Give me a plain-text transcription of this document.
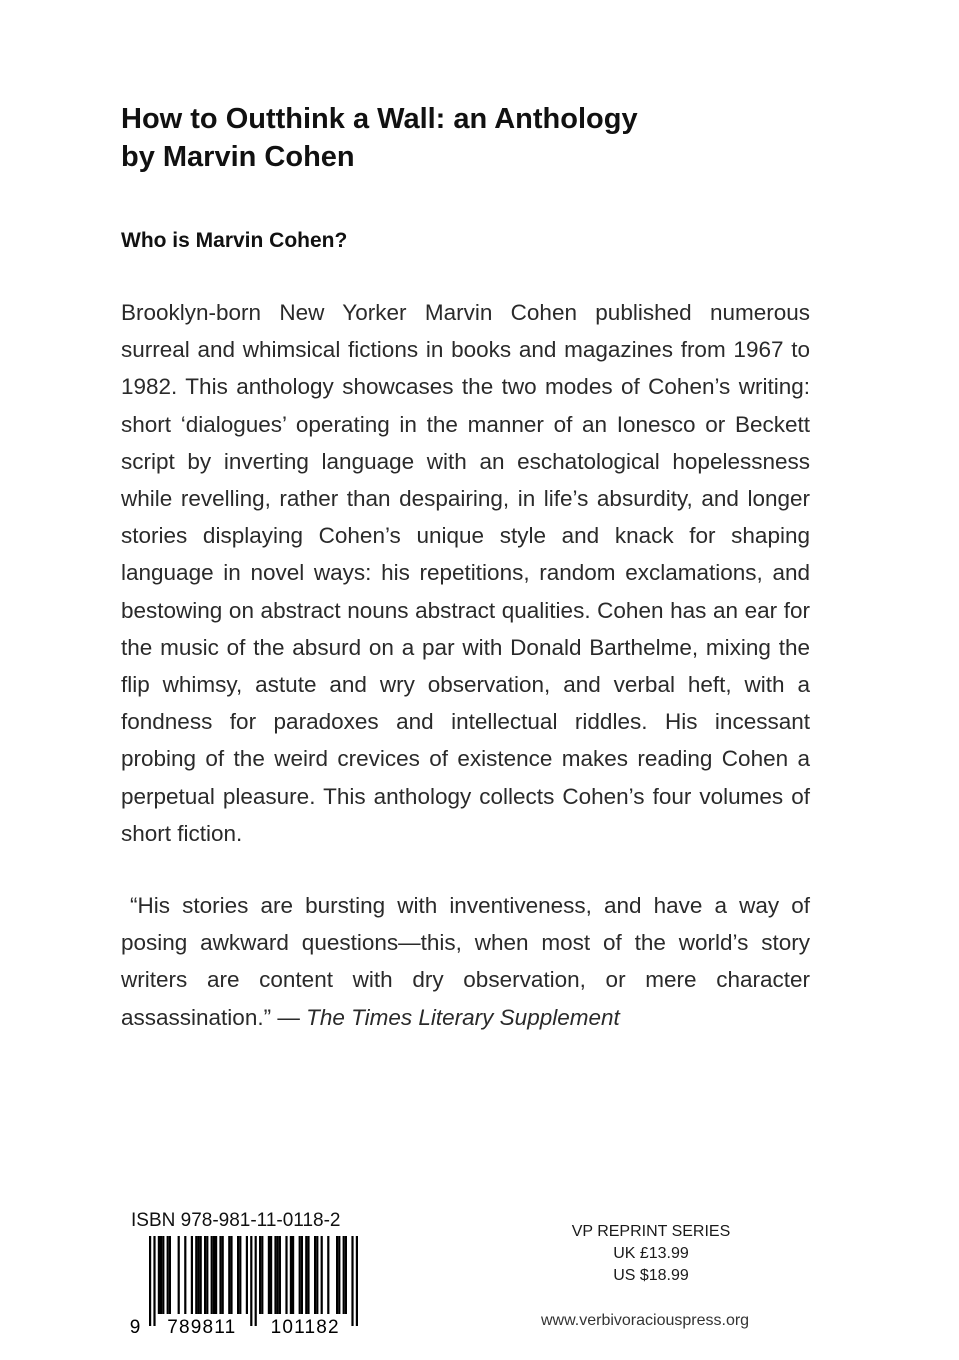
How to Outthink a Wall: an Anthology
by Marvin Cohen
Who is Marvin Cohen?

Brooklyn-born New Yorker Marvin Cohen published numerous surreal and whimsical fictions in books and magazines from 1967 to 1982. This anthology showcases the two modes of Cohen’s writing: short ‘dialogues’ operating in the manner of an Ionesco or Beckett script by inverting language with an eschatological hopelessness while revelling, rather than despairing, in life’s absurdity, and longer stories displaying Cohen’s unique style and knack for shaping language in novel ways: his repetitions, random exclamations, and bestowing on abstract nouns abstract qualities. Cohen has an ear for the music of the absurd on a par with Donald Barthelme, mixing the flip whimsy, astute and wry observation, and verbal heft, with a fondness for paradoxes and intellectual riddles. His incessant probing of the weird crevices of existence makes reading Cohen a perpetual pleasure. This anthology collects Cohen’s four volumes of short fiction.

“His stories are bursting with inventiveness, and have a way of posing awkward questions—this, when most of the world’s story writers are content with dry observation, or mere character assassination.” — The Times Literary Supplement

ISBN 978-981-11-0118-2
9 789811 101182
VP REPRINT SERIES
UK £13.99
US $18.99
www.verbivoraciouspress.org
